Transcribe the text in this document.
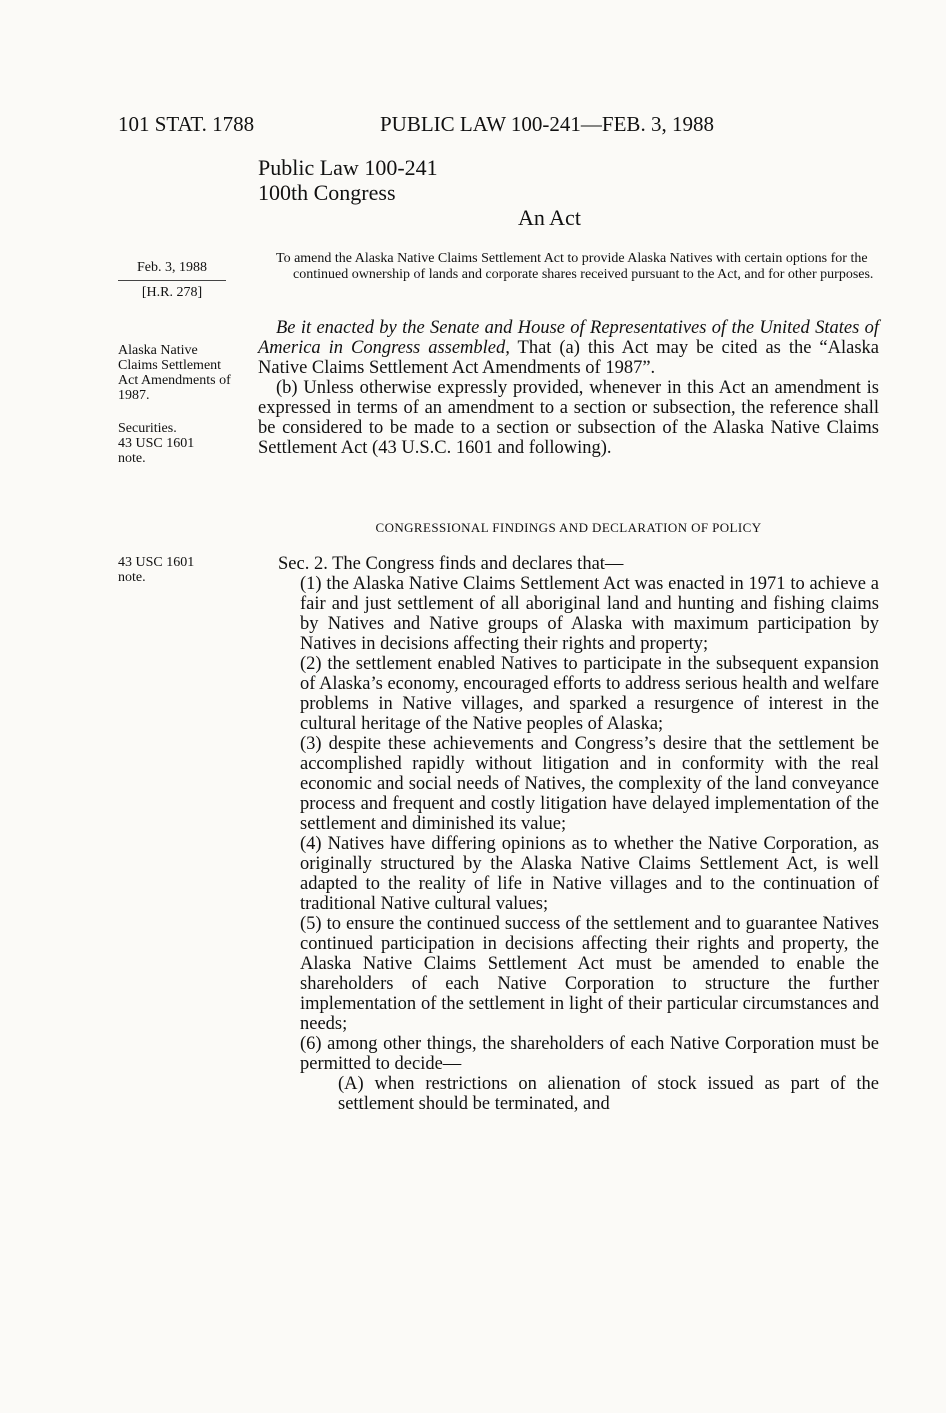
101 STAT. 1788	PUBLIC LAW 100-241—FEB. 3, 1988
Public Law 100-241
100th Congress
An Act
Feb. 3, 1988
[H.R. 278]
To amend the Alaska Native Claims Settlement Act to provide Alaska Natives with certain options for the continued ownership of lands and corporate shares received pursuant to the Act, and for other purposes.
Alaska Native Claims Settlement Act Amendments of 1987.
Securities.
43 USC 1601 note.
43 USC 1601 note.

Be it enacted by the Senate and House of Representatives of the United States of America in Congress assembled, That (a) this Act may be cited as the “Alaska Native Claims Settlement Act Amendments of 1987”.

(b) Unless otherwise expressly provided, whenever in this Act an amendment is expressed in terms of an amendment to a section or subsection, the reference shall be considered to be made to a section or subsection of the Alaska Native Claims Settlement Act (43 U.S.C. 1601 and following).

CONGRESSIONAL FINDINGS AND DECLARATION OF POLICY

Sec. 2. The Congress finds and declares that—

(1) the Alaska Native Claims Settlement Act was enacted in 1971 to achieve a fair and just settlement of all aboriginal land and hunting and fishing claims by Natives and Native groups of Alaska with maximum participation by Natives in decisions affecting their rights and property;

(2) the settlement enabled Natives to participate in the subsequent expansion of Alaska’s economy, encouraged efforts to address serious health and welfare problems in Native villages, and sparked a resurgence of interest in the cultural heritage of the Native peoples of Alaska;

(3) despite these achievements and Congress’s desire that the settlement be accomplished rapidly without litigation and in conformity with the real economic and social needs of Natives, the complexity of the land conveyance process and frequent and costly litigation have delayed implementation of the settlement and diminished its value;

(4) Natives have differing opinions as to whether the Native Corporation, as originally structured by the Alaska Native Claims Settlement Act, is well adapted to the reality of life in Native villages and to the continuation of traditional Native cultural values;

(5) to ensure the continued success of the settlement and to guarantee Natives continued participation in decisions affecting their rights and property, the Alaska Native Claims Settlement Act must be amended to enable the shareholders of each Native Corporation to structure the further implementation of the settlement in light of their particular circumstances and needs;

(6) among other things, the shareholders of each Native Corporation must be permitted to decide—

(A) when restrictions on alienation of stock issued as part of the settlement should be terminated, and
